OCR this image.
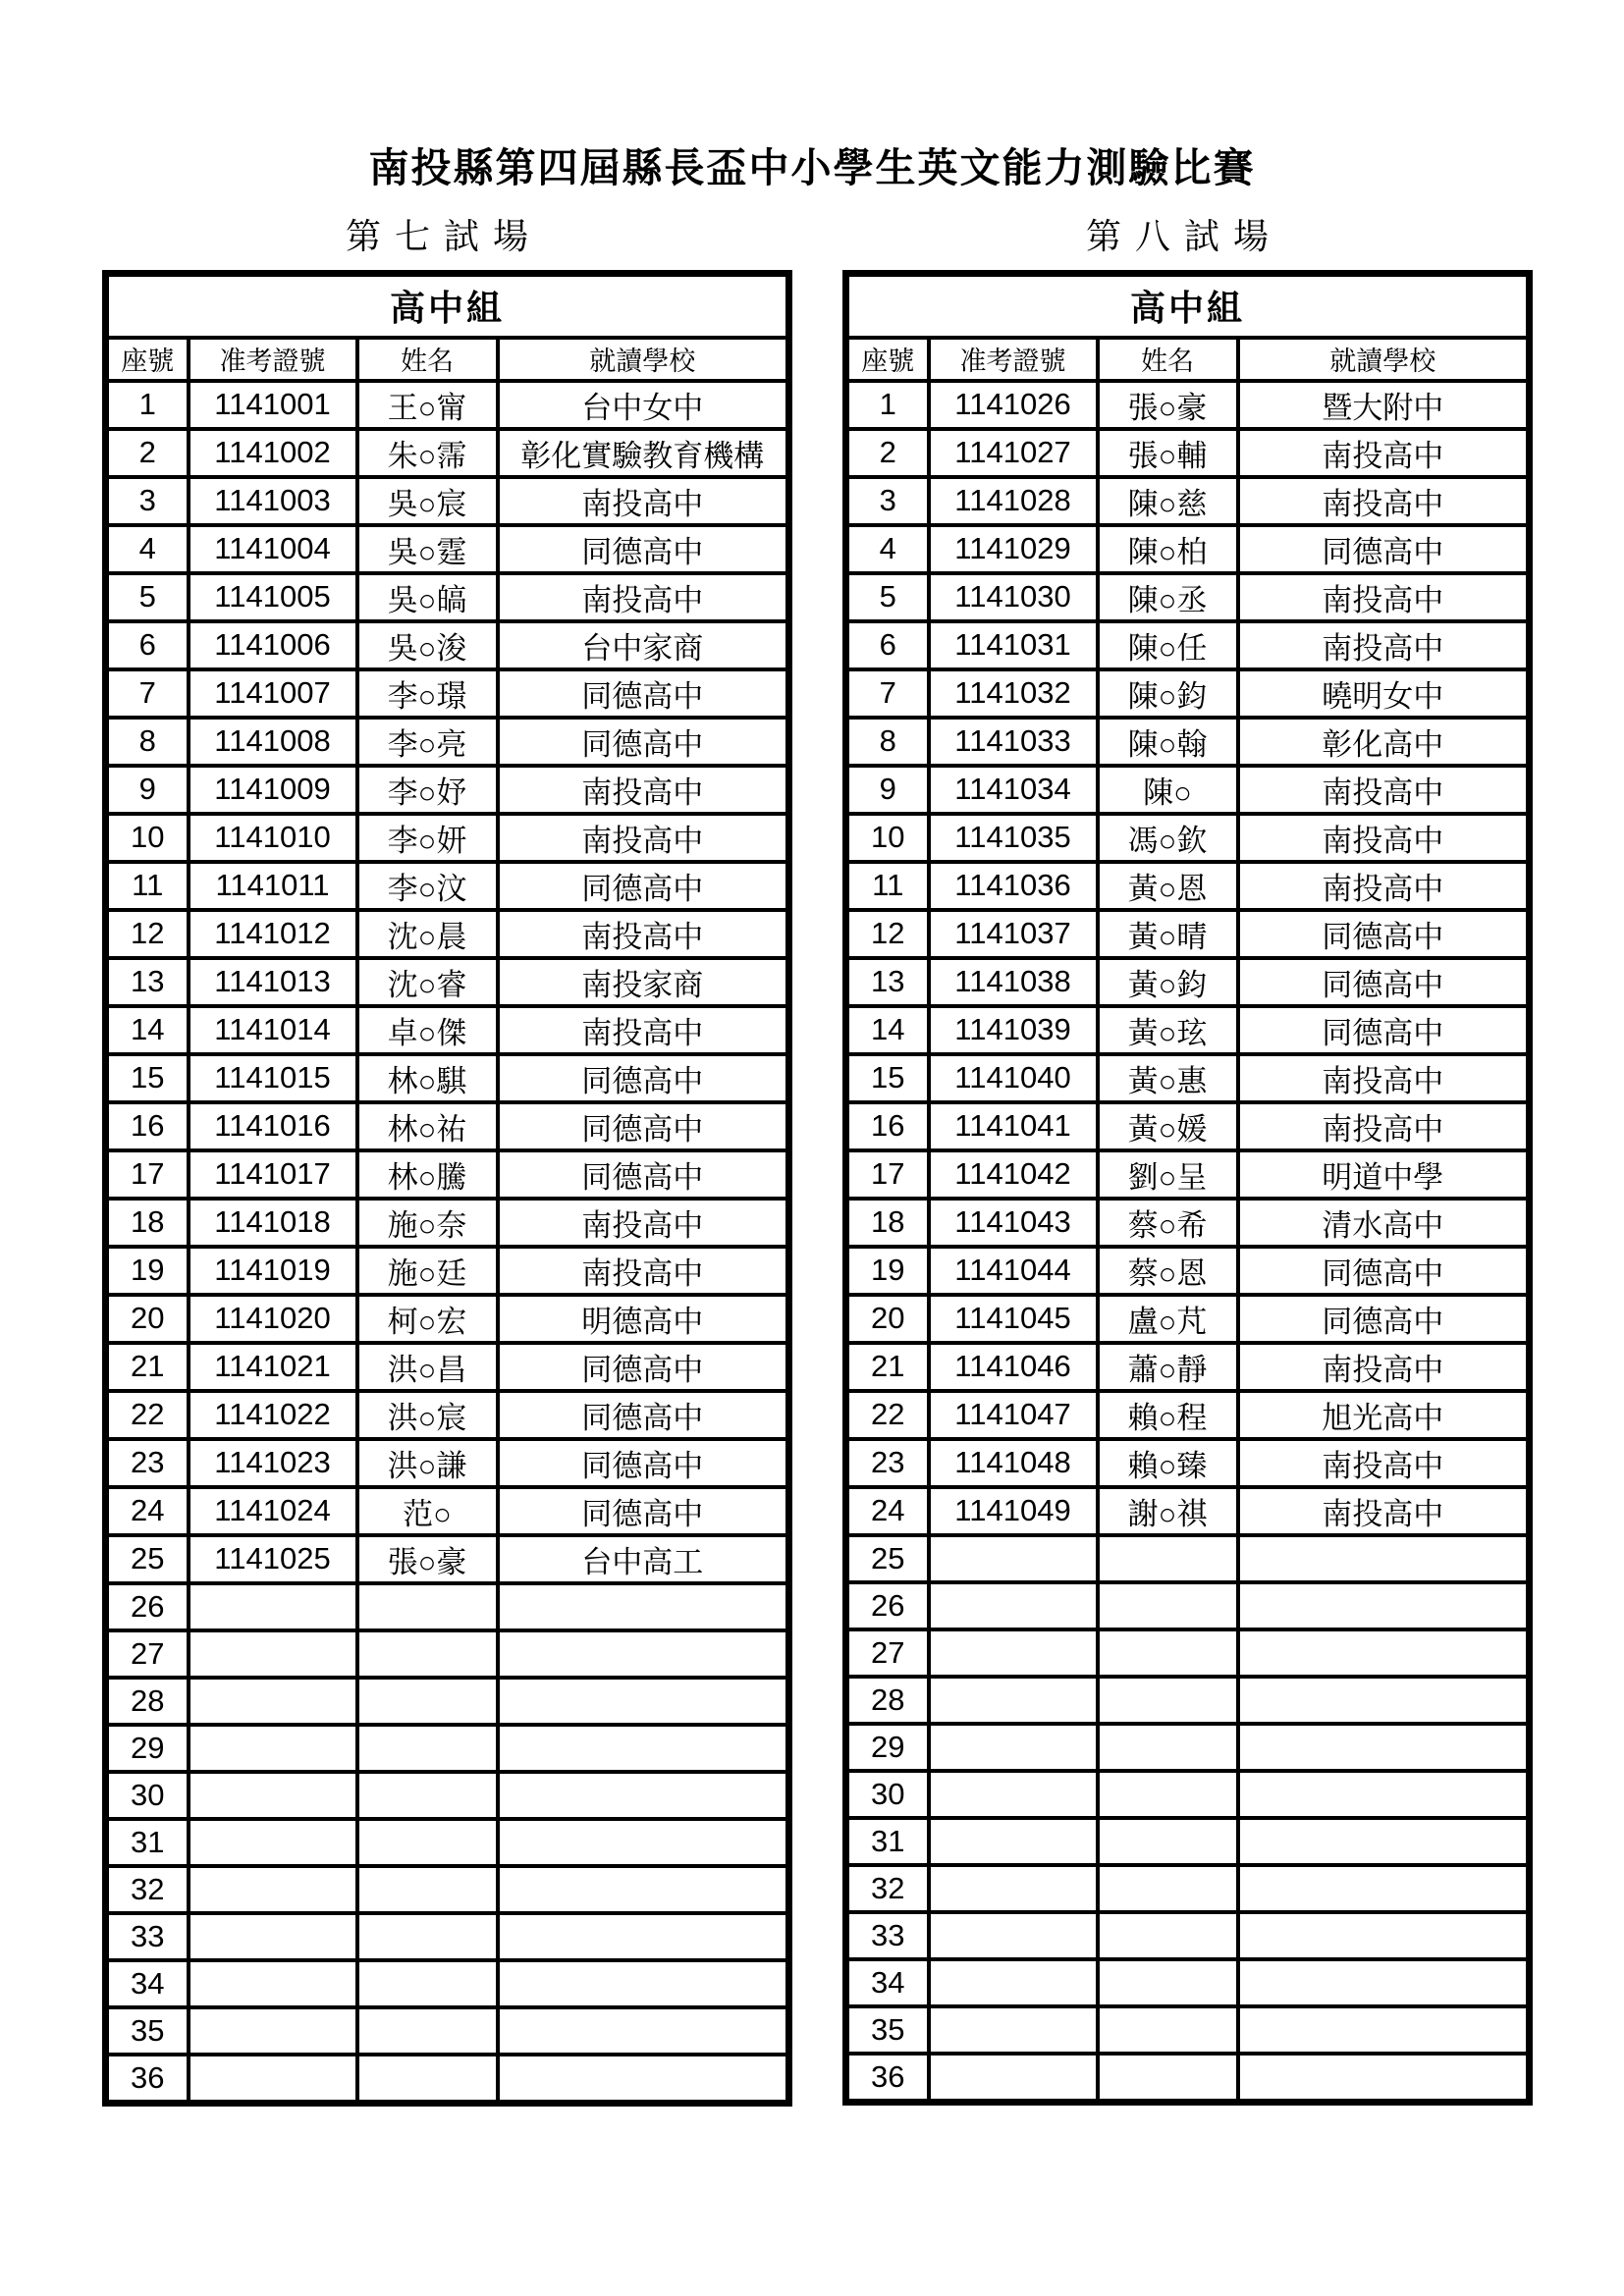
南投縣第四屆縣長盃中小學生英文能力測驗比賽
第七試場
高中組			
座號	准考證號	姓名	就讀學校
1	1141001	王○甯	台中女中
2	1141002	朱○霈	彰化實驗教育機構
3	1141003	吳○宸	南投高中
4	1141004	吳○霆	同德高中
5	1141005	吳○皜	南投高中
6	1141006	吳○浚	台中家商
7	1141007	李○璟	同德高中
8	1141008	李○亮	同德高中
9	1141009	李○妤	南投高中
10	1141010	李○妍	南投高中
11	1141011	李○汶	同德高中
12	1141012	沈○晨	南投高中
13	1141013	沈○睿	南投家商
14	1141014	卓○傑	南投高中
15	1141015	林○騏	同德高中
16	1141016	林○祐	同德高中
17	1141017	林○騰	同德高中
18	1141018	施○奈	南投高中
19	1141019	施○廷	南投高中
20	1141020	柯○宏	明德高中
21	1141021	洪○昌	同德高中
22	1141022	洪○宸	同德高中
23	1141023	洪○謙	同德高中
24	1141024	范○	同德高中
25	1141025	張○豪	台中高工
26			
27			
28			
29			
30			
31			
32			
33			
34			
35			
36			
第八試場
高中組			
座號	准考證號	姓名	就讀學校
1	1141026	張○豪	暨大附中
2	1141027	張○輔	南投高中
3	1141028	陳○慈	南投高中
4	1141029	陳○柏	同德高中
5	1141030	陳○丞	南投高中
6	1141031	陳○任	南投高中
7	1141032	陳○鈞	曉明女中
8	1141033	陳○翰	彰化高中
9	1141034	陳○	南投高中
10	1141035	馮○欽	南投高中
11	1141036	黃○恩	南投高中
12	1141037	黃○晴	同德高中
13	1141038	黃○鈞	同德高中
14	1141039	黃○玹	同德高中
15	1141040	黃○惠	南投高中
16	1141041	黃○媛	南投高中
17	1141042	劉○呈	明道中學
18	1141043	蔡○希	清水高中
19	1141044	蔡○恩	同德高中
20	1141045	盧○芃	同德高中
21	1141046	蕭○靜	南投高中
22	1141047	賴○程	旭光高中
23	1141048	賴○臻	南投高中
24	1141049	謝○祺	南投高中
25			
26			
27			
28			
29			
30			
31			
32			
33			
34			
35			
36			
